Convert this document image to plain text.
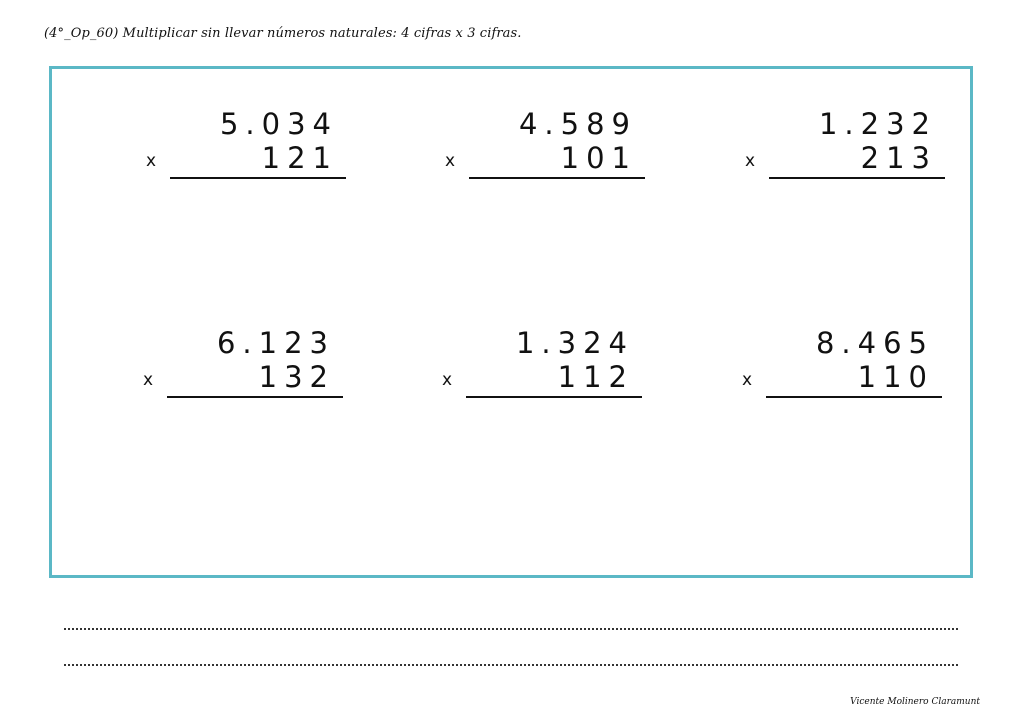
(4°_Op_60) Multiplicar sin llevar números naturales: 4 cifras x 3 cifras.
5.034
x	121
4.589
x	101
1.232
x	213
6.123
x	132
1.324
x	112
8.465
x	110
Vicente Molinero Claramunt
